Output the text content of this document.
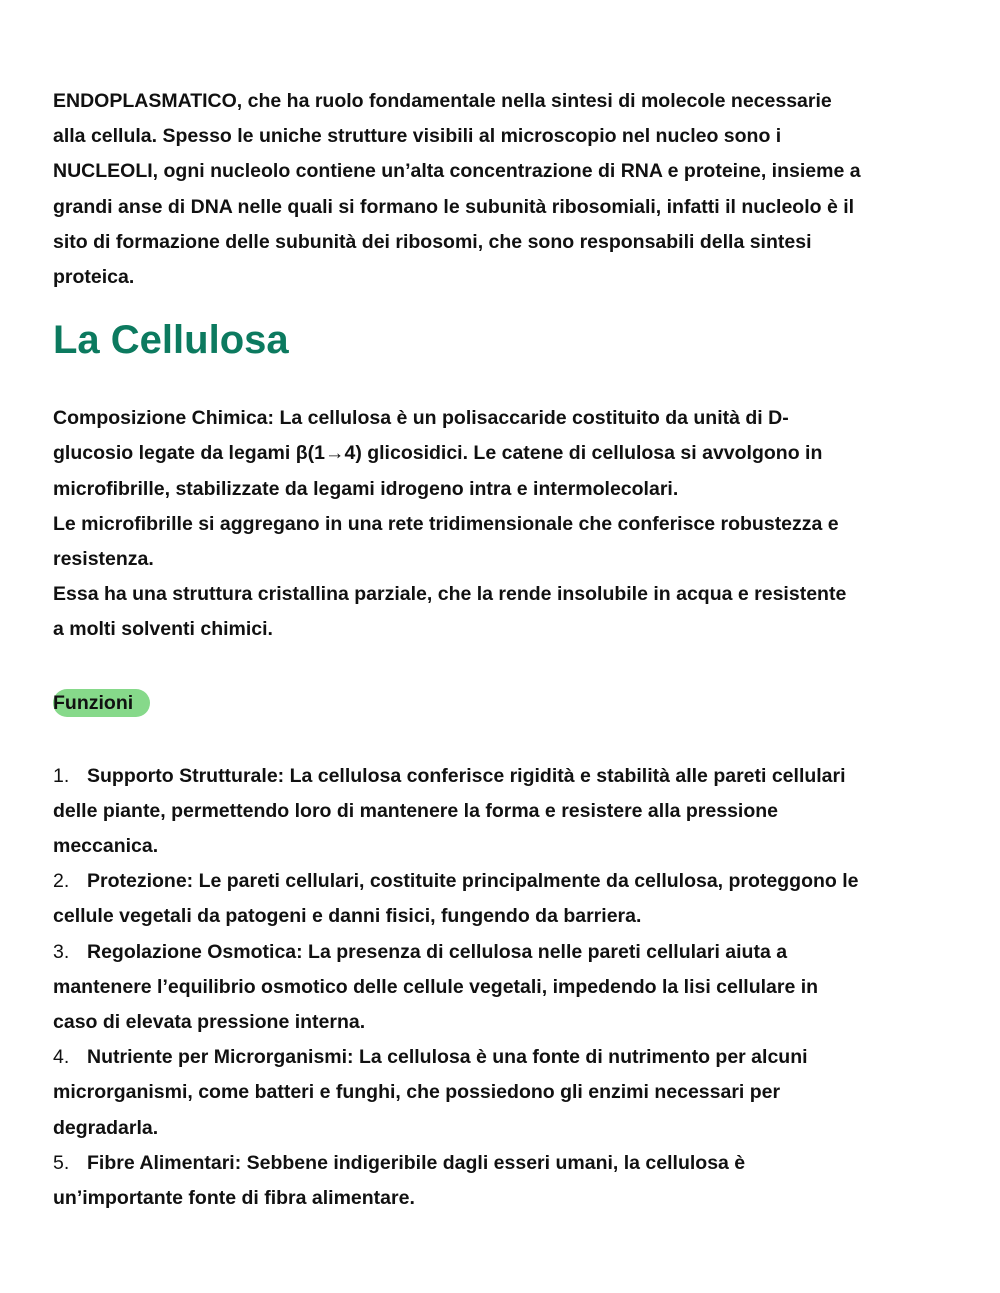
ENDOPLASMATICO, che ha ruolo fondamentale nella sintesi di molecole necessarie
alla cellula. Spesso le uniche strutture visibili al microscopio nel nucleo sono i
NUCLEOLI, ogni nucleolo contiene un’alta concentrazione di RNA e proteine, insieme a
grandi anse di DNA nelle quali si formano le subunità ribosomiali, infatti il nucleolo è il
sito di formazione delle subunità dei ribosomi, che sono responsabili della sintesi
proteica.

La Cellulosa

Composizione Chimica: La cellulosa è un polisaccaride costituito da unità di D-
glucosio legate da legami β(1→4) glicosidici. Le catene di cellulosa si avvolgono in
microfibrille, stabilizzate da legami idrogeno intra e intermolecolari.
Le microfibrille si aggregano in una rete tridimensionale che conferisce robustezza e
resistenza.
Essa ha una struttura cristallina parziale, che la rende insolubile in acqua e resistente
a molti solventi chimici.

Funzioni

1. Supporto Strutturale: La cellulosa conferisce rigidità e stabilità alle pareti cellulari
delle piante, permettendo loro di mantenere la forma e resistere alla pressione
meccanica.
2. Protezione: Le pareti cellulari, costituite principalmente da cellulosa, proteggono le
cellule vegetali da patogeni e danni fisici, fungendo da barriera.
3. Regolazione Osmotica: La presenza di cellulosa nelle pareti cellulari aiuta a
mantenere l’equilibrio osmotico delle cellule vegetali, impedendo la lisi cellulare in
caso di elevata pressione interna.
4. Nutriente per Microrganismi: La cellulosa è una fonte di nutrimento per alcuni
microrganismi, come batteri e funghi, che possiedono gli enzimi necessari per
degradarla.
5. Fibre Alimentari: Sebbene indigeribile dagli esseri umani, la cellulosa è
un’importante fonte di fibra alimentare.
